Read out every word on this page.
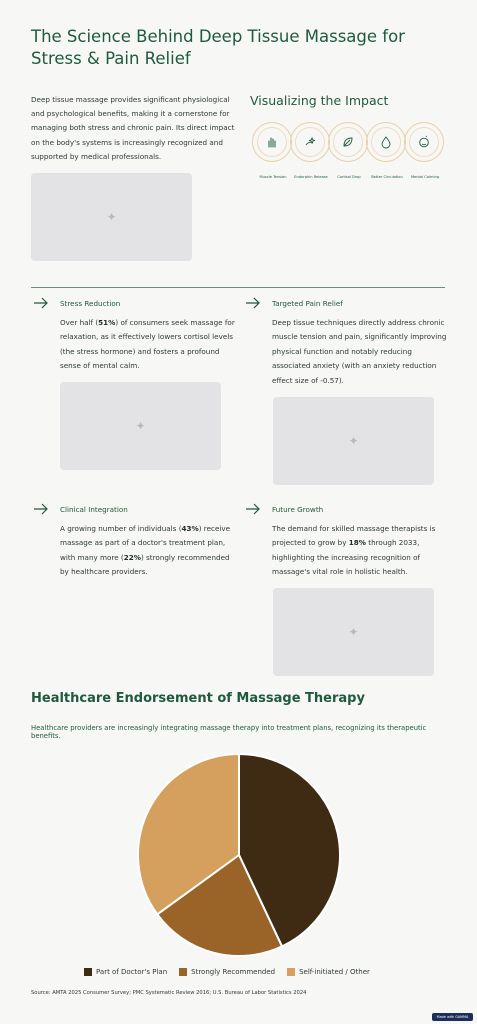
The Science Behind Deep Tissue Massage for Stress & Pain Relief

Deep tissue massage provides significant physiological and psychological benefits, making it a cornerstone for managing both stress and chronic pain. Its direct impact on the body's systems is increasingly recognized and supported by medical professionals.

✦
Visualizing the Impact
Muscle Tension	Endorphin Release	Cortisol Drop	Better Circulation	Mental Calming
Stress Reduction

Over half (51%) of consumers seek massage for relaxation, as it effectively lowers cortisol levels (the stress hormone) and fosters a profound sense of mental calm.

✦
Targeted Pain Relief

Deep tissue techniques directly address chronic muscle tension and pain, significantly improving physical function and notably reducing associated anxiety (with an anxiety reduction effect size of -0.57).

✦
Clinical Integration

A growing number of individuals (43%) receive massage as part of a doctor's treatment plan, with many more (22%) strongly recommended by healthcare providers.

Future Growth

The demand for skilled massage therapists is projected to grow by 18% through 2033, highlighting the increasing recognition of massage's vital role in holistic health.

✦
Healthcare Endorsement of Massage Therapy

Healthcare providers are increasingly integrating massage therapy into treatment plans, recognizing its therapeutic benefits.

Part of Doctor's Plan	Strongly Recommended	Self-initiated / Other

Source: AMTA 2025 Consumer Survey; PMC Systematic Review 2016; U.S. Bureau of Labor Statistics 2024

Made with GAMMA
